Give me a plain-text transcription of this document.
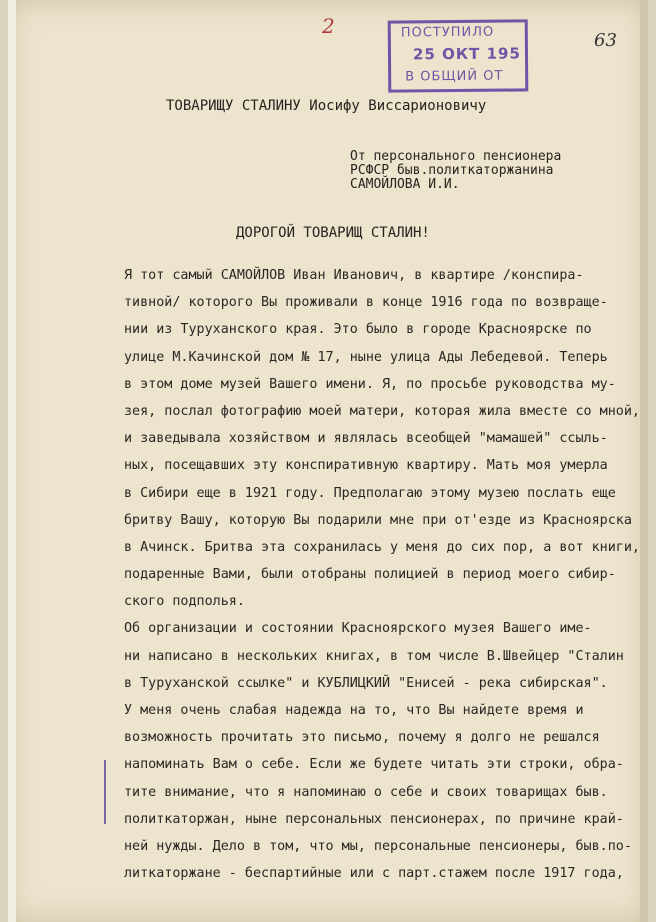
2	ПОСТУПИЛО
25 ОКТ 195
В ОБЩИЙ ОТ
63
ТОВАРИЩУ СТАЛИНУ Иосифу Виссарионовичу
От персонального пенсионера
РСФСР быв.политкаторжанина
САМОЙЛОВА И.И.
ДОРОГОЙ ТОВАРИЩ СТАЛИН!
Я тот самый САМОЙЛОВ Иван Иванович, в квартире /конспира-
тивной/ которого Вы проживали в конце 1916 года по возвраще-
нии из Туруханского края. Это было в городе Красноярске по
улице М.Качинской дом № 17, ныне улица Ады Лебедевой. Теперь
в этом доме музей Вашего имени. Я, по просьбе руководства му-
зея, послал фотографию моей матери, которая жила вместе со мной,
и заведывала хозяйством и являлась всеобщей "мамашей" ссыль-
ных, посещавших эту конспиративную квартиру. Мать моя умерла
в Сибири еще в 1921 году. Предполагаю этому музею послать еще
бритву Вашу, которую Вы подарили мне при от'езде из Красноярска
в Ачинск. Бритва эта сохранилась у меня до сих пор, а вот книги,
подаренные Вами, были отобраны полицией в период моего сибир-
ского подполья.
Об организации и состоянии Красноярского музея Вашего име-
ни написано в нескольких книгах, в том числе В.Швейцер "Сталин
в Туруханской ссылке" и КУБЛИЦКИЙ "Енисей - река сибирская".
У меня очень слабая надежда на то, что Вы найдете время и
возможность прочитать это письмо, почему я долго не решался
напоминать Вам о себе. Если же будете читать эти строки, обра-
тите внимание, что я напоминаю о себе и своих товарищах быв.
политкаторжан, ныне персональных пенсионерах, по причине край-
ней нужды. Дело в том, что мы, персональные пенсионеры, быв.по-
литкаторжане - беспартийные или с парт.стажем после 1917 года,
